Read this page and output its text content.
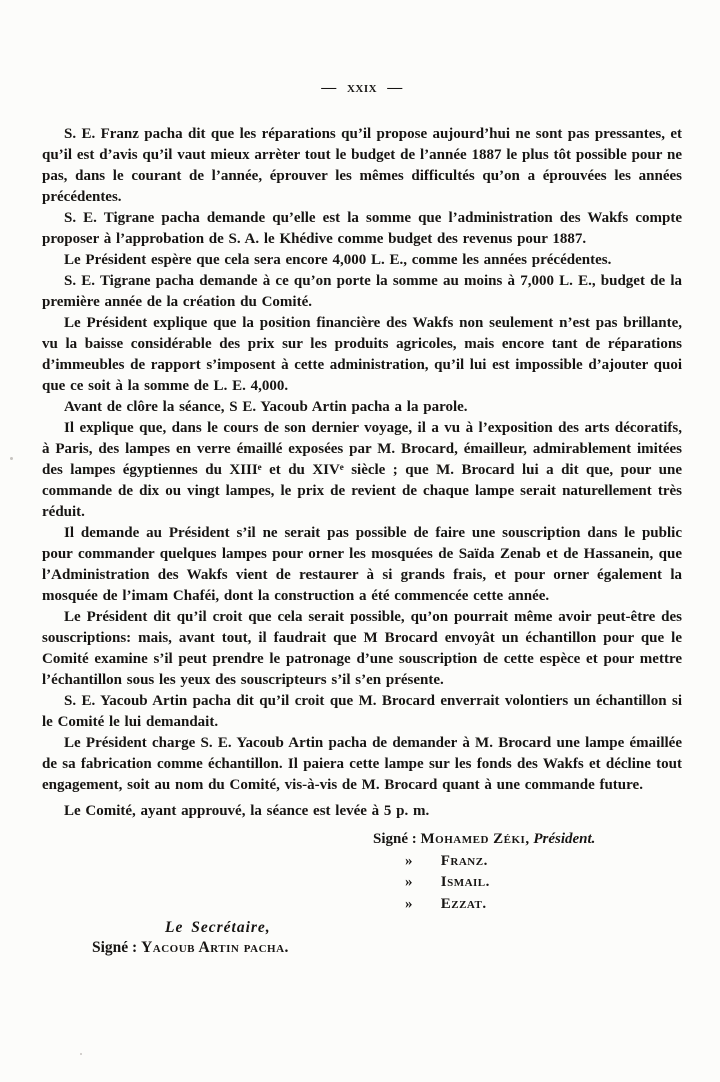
— xxix —

S. E. Franz pacha dit que les réparations qu’il propose aujourd’hui ne sont pas pressantes, et qu’il est d’avis qu’il vaut mieux arrèter tout le budget de l’année 1887 le plus tôt possible pour ne pas, dans le courant de l’année, éprouver les mêmes difficultés qu’on a éprouvées les années précédentes.

S. E. Tigrane pacha demande qu’elle est la somme que l’administration des Wakfs compte proposer à l’approbation de S. A. le Khédive comme budget des revenus pour 1887.

Le Président espère que cela sera encore 4,000 L. E., comme les années précédentes.

S. E. Tigrane pacha demande à ce qu’on porte la somme au moins à 7,000 L. E., budget de la première année de la création du Comité.

Le Président explique que la position financière des Wakfs non seulement n’est pas brillante, vu la baisse considérable des prix sur les produits agricoles, mais encore tant de réparations d’immeubles de rapport s’imposent à cette administration, qu’il lui est impossible d’ajouter quoi que ce soit à la somme de L. E. 4,000.

Avant de clôre la séance, S E. Yacoub Artin pacha a la parole.

Il explique que, dans le cours de son dernier voyage, il a vu à l’exposition des arts décoratifs, à Paris, des lampes en verre émaillé exposées par M. Brocard, émailleur, admirablement imitées des lampes égyptiennes du XIIIᵉ et du XIVᵉ siècle ; que M. Brocard lui a dit que, pour une commande de dix ou vingt lampes, le prix de revient de chaque lampe serait naturellement très réduit.

Il demande au Président s’il ne serait pas possible de faire une souscription dans le public pour commander quelques lampes pour orner les mosquées de Saïda Zenab et de Hassanein, que l’Administration des Wakfs vient de restaurer à si grands frais, et pour orner également la mosquée de l’imam Chaféi, dont la construction a été commencée cette année.

Le Président dit qu’il croit que cela serait possible, qu’on pourrait même avoir peut-être des souscriptions: mais, avant tout, il faudrait que M Brocard envoyât un échantillon pour que le Comité examine s’il peut prendre le patronage d’une souscription de cette espèce et pour mettre l’échantillon sous les yeux des souscripteurs s’il s’en présente.

S. E. Yacoub Artin pacha dit qu’il croit que M. Brocard enverrait volontiers un échantillon si le Comité le lui demandait.

Le Président charge S. E. Yacoub Artin pacha de demander à M. Brocard une lampe émaillée de sa fabrication comme échantillon. Il paiera cette lampe sur les fonds des Wakfs et décline tout engagement, soit au nom du Comité, vis-à-vis de M. Brocard quant à une commande future.

Le Comité, ayant approuvé, la séance est levée à 5 p. m.

Signé : Mohamed Zéki, Président.
» Franz.
» Ismail.
» Ezzat.
Le Secrétaire,
Signé : Yacoub Artin pacha.
